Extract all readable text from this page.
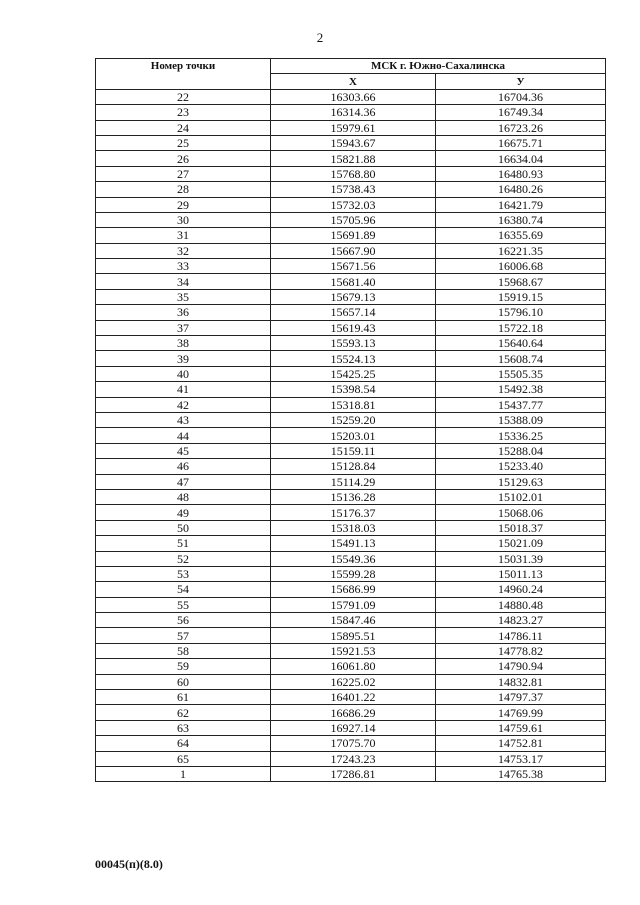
2
Номер точки	МСК г. Южно-Сахалинска	
	X	У
22	16303.66	16704.36
23	16314.36	16749.34
24	15979.61	16723.26
25	15943.67	16675.71
26	15821.88	16634.04
27	15768.80	16480.93
28	15738.43	16480.26
29	15732.03	16421.79
30	15705.96	16380.74
31	15691.89	16355.69
32	15667.90	16221.35
33	15671.56	16006.68
34	15681.40	15968.67
35	15679.13	15919.15
36	15657.14	15796.10
37	15619.43	15722.18
38	15593.13	15640.64
39	15524.13	15608.74
40	15425.25	15505.35
41	15398.54	15492.38
42	15318.81	15437.77
43	15259.20	15388.09
44	15203.01	15336.25
45	15159.11	15288.04
46	15128.84	15233.40
47	15114.29	15129.63
48	15136.28	15102.01
49	15176.37	15068.06
50	15318.03	15018.37
51	15491.13	15021.09
52	15549.36	15031.39
53	15599.28	15011.13
54	15686.99	14960.24
55	15791.09	14880.48
56	15847.46	14823.27
57	15895.51	14786.11
58	15921.53	14778.82
59	16061.80	14790.94
60	16225.02	14832.81
61	16401.22	14797.37
62	16686.29	14769.99
63	16927.14	14759.61
64	17075.70	14752.81
65	17243.23	14753.17
1	17286.81	14765.38
00045(п)(8.0)
